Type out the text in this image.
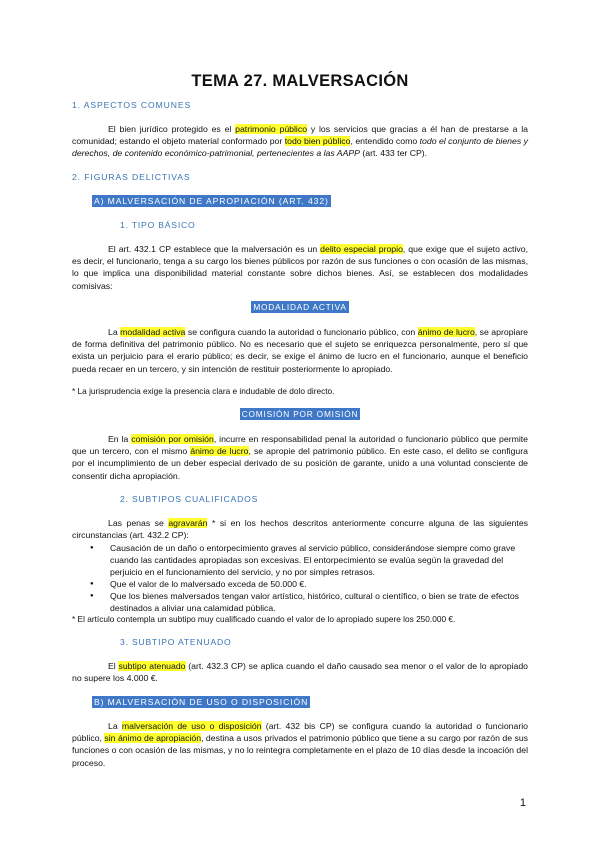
TEMA 27. MALVERSACIÓN
1. ASPECTOS COMUNES
El bien jurídico protegido es el patrimonio público y los servicios que gracias a él han de prestarse a la comunidad; estando el objeto material conformado por todo bien público, entendido como todo el conjunto de bienes y derechos, de contenido económico-patrimonial, pertenecientes a las AAPP (art. 433 ter CP).
2. FIGURAS DELICTIVAS
A) MALVERSACIÓN DE APROPIACIÓN (ART. 432)
1. TIPO BÁSICO
El art. 432.1 CP establece que la malversación es un delito especial propio, que exige que el sujeto activo, es decir, el funcionario, tenga a su cargo los bienes públicos por razón de sus funciones o con ocasión de las mismas, lo que implica una disponibilidad material constante sobre dichos bienes. Así, se establecen dos modalidades comisivas:
MODALIDAD ACTIVA
La modalidad activa se configura cuando la autoridad o funcionario público, con ánimo de lucro, se apropiare de forma definitiva del patrimonio público. No es necesario que el sujeto se enriquezca personalmente, pero sí que exista un perjuicio para el erario público; es decir, se exige el ánimo de lucro en el funcionario, aunque el beneficio pueda recaer en un tercero, y sin intención de restituir posteriormente lo apropiado.
* La jurisprudencia exige la presencia clara e indudable de dolo directo.
COMISIÓN POR OMISIÓN
En la comisión por omisión, incurre en responsabilidad penal la autoridad o funcionario público que permite que un tercero, con el mismo ánimo de lucro, se apropie del patrimonio público. En este caso, el delito se configura por el incumplimiento de un deber especial derivado de su posición de garante, unido a una voluntad consciente de consentir dicha apropiación.
2. SUBTIPOS CUALIFICADOS
Las penas se agravarán * si en los hechos descritos anteriormente concurre alguna de las siguientes circunstancias (art. 432.2 CP):
● Causación de un daño o entorpecimiento graves al servicio público, considerándose siempre como grave cuando las cantidades apropiadas son excesivas. El entorpecimiento se evalúa según la gravedad del perjuicio en el funcionamiento del servicio, y no por simples retrasos.
● Que el valor de lo malversado exceda de 50.000 €.
● Que los bienes malversados tengan valor artístico, histórico, cultural o científico, o bien se trate de efectos destinados a aliviar una calamidad pública.
* El artículo contempla un subtipo muy cualificado cuando el valor de lo apropiado supere los 250.000 €.
3. SUBTIPO ATENUADO
El subtipo atenuado (art. 432.3 CP) se aplica cuando el daño causado sea menor o el valor de lo apropiado no supere los 4.000 €.
B) MALVERSACIÓN DE USO O DISPOSICIÓN
La malversación de uso o disposición (art. 432 bis CP) se configura cuando la autoridad o funcionario público, sin ánimo de apropiación, destina a usos privados el patrimonio público que tiene a su cargo por razón de sus funciones o con ocasión de las mismas, y no lo reintegra completamente en el plazo de 10 días desde la incoación del proceso.
1
